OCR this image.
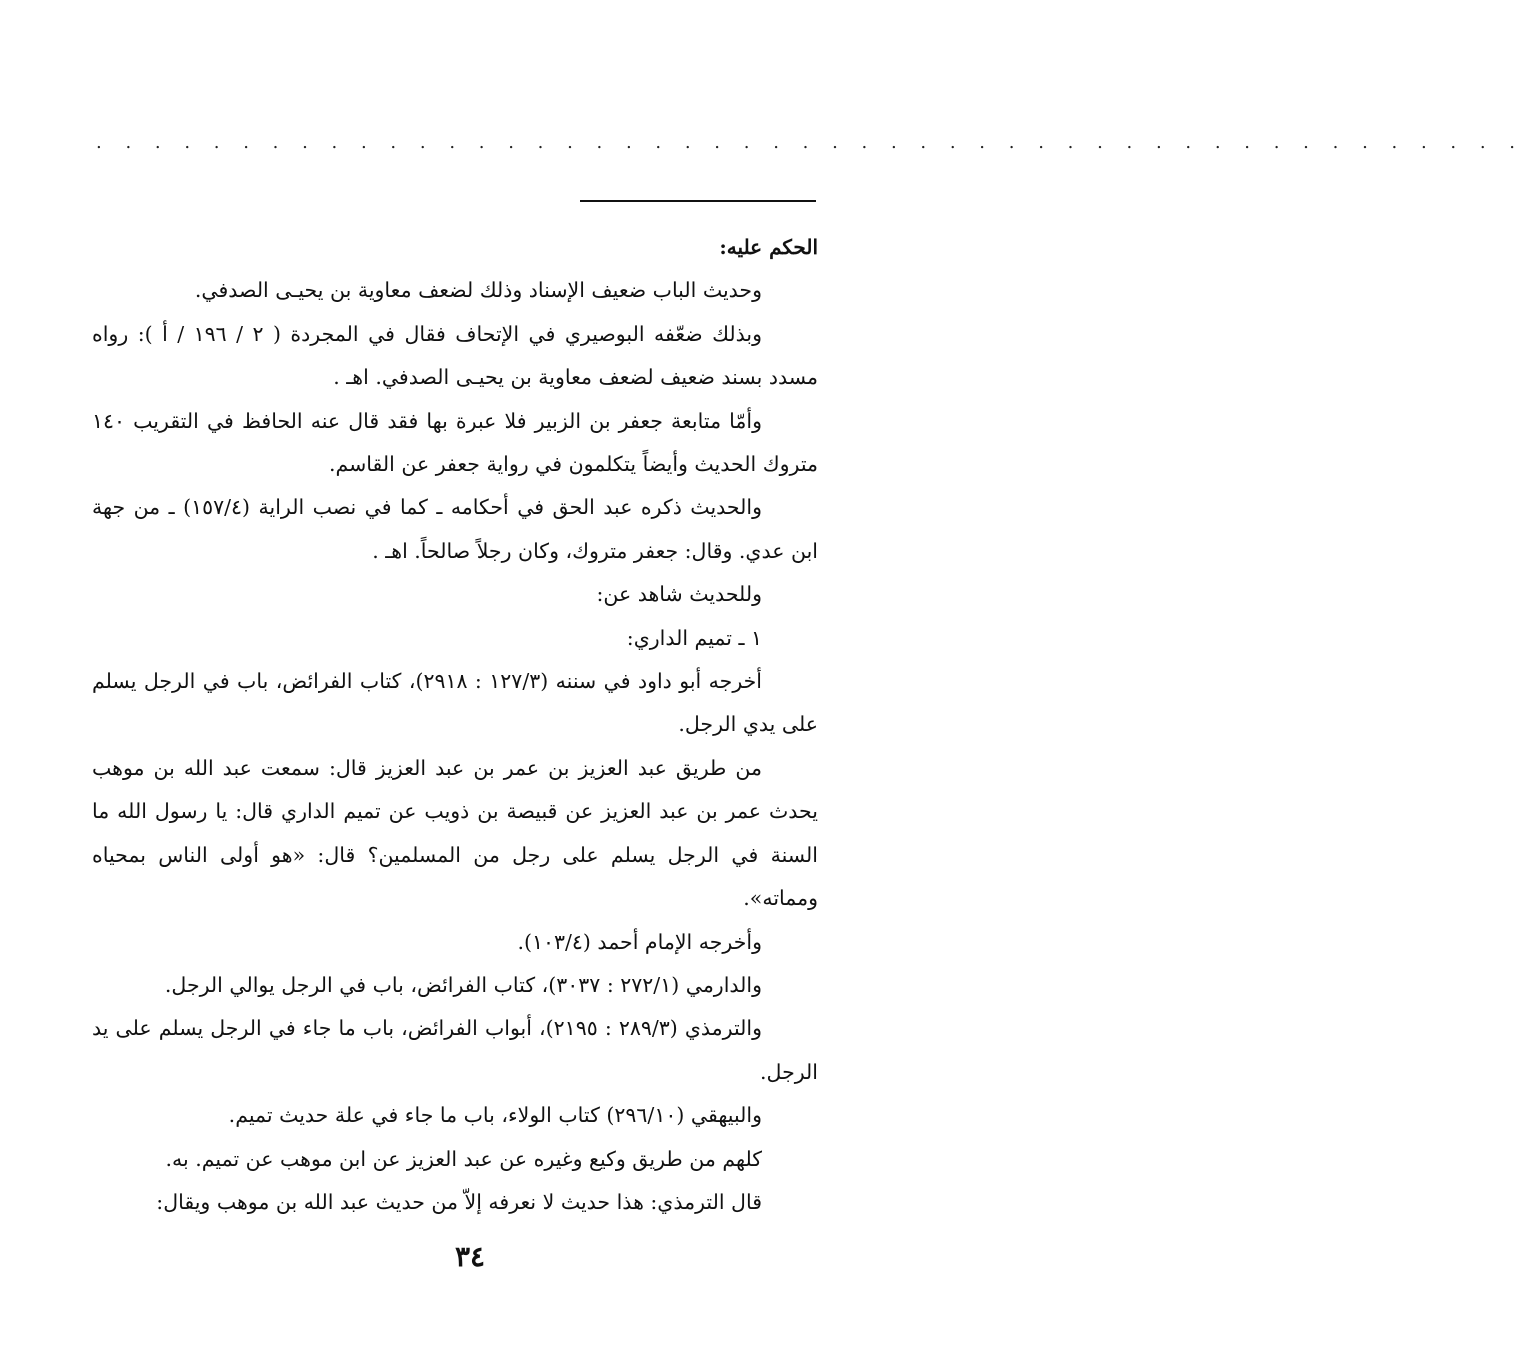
. . . . . . . . . . . . . . . . . . . . . . . . . . . . . . . . . . . . . . . . . . . . . . . . .

الحكم عليه:

وحديث الباب ضعيف الإسناد وذلك لضعف معاوية بن يحيـى الصدفي.

وبذلك ضعّفه البوصيري في الإتحاف فقال في المجردة ( ٢ / ١٩٦ / أ ): رواه مسدد بسند ضعيف لضعف معاوية بن يحيـى الصدفي. اهـ .

وأمّا متابعة جعفر بن الزبير فلا عبرة بها فقد قال عنه الحافظ في التقريب ١٤٠ متروك الحديث وأيضاً يتكلمون في رواية جعفر عن القاسم.

والحديث ذكره عبد الحق في أحكامه ـ كما في نصب الراية (١٥٧/٤) ـ من جهة ابن عدي. وقال: جعفر متروك، وكان رجلاً صالحاً. اهـ .

وللحديث شاهد عن:

١ ـ تميم الداري:

أخرجه أبو داود في سننه (١٢٧/٣ : ٢٩١٨)، كتاب الفرائض، باب في الرجل يسلم على يدي الرجل.

من طريق عبد العزيز بن عمر بن عبد العزيز قال: سمعت عبد الله بن موهب يحدث عمر بن عبد العزيز عن قبيصة بن ذويب عن تميم الداري قال: يا رسول الله ما السنة في الرجل يسلم على رجل من المسلمين؟ قال: «هو أولى الناس بمحياه ومماته».

وأخرجه الإمام أحمد (١٠٣/٤).

والدارمي (٢٧٢/١ : ٣٠٣٧)، كتاب الفرائض، باب في الرجل يوالي الرجل.

والترمذي (٢٨٩/٣ : ٢١٩٥)، أبواب الفرائض، باب ما جاء في الرجل يسلم على يد الرجل.

والبيهقي (٢٩٦/١٠) كتاب الولاء، باب ما جاء في علة حديث تميم.

كلهم من طريق وكيع وغيره عن عبد العزيز عن ابن موهب عن تميم. به.

قال الترمذي: هذا حديث لا نعرفه إلاّ من حديث عبد الله بن موهب ويقال:

٣٤
